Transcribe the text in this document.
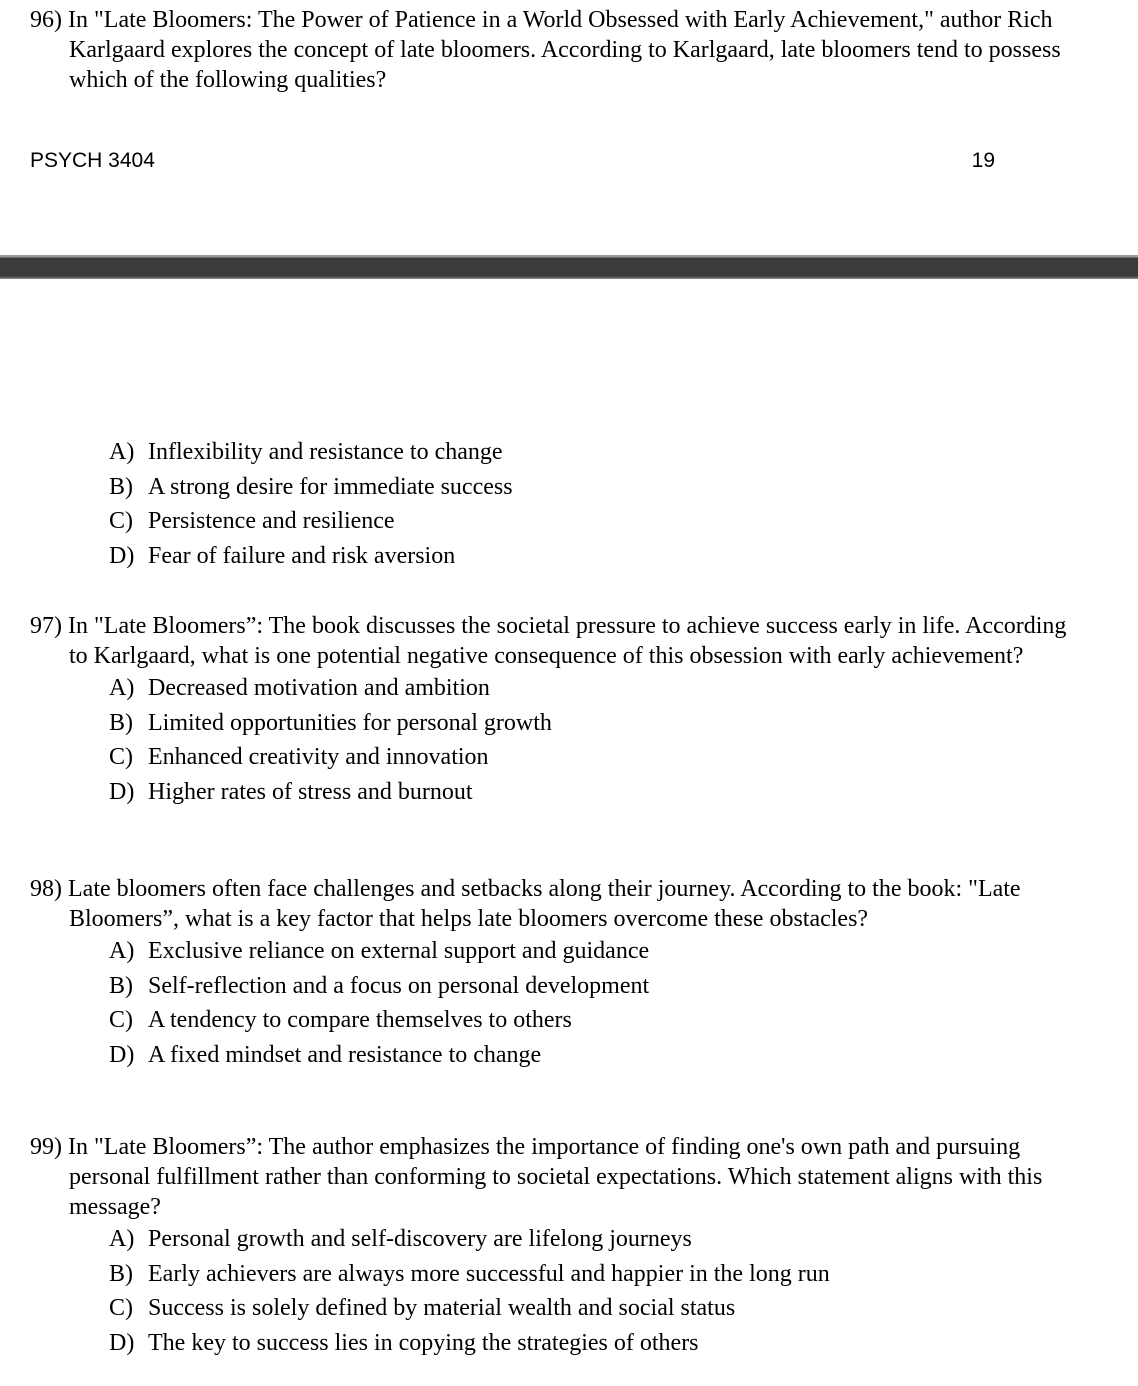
96) In "Late Bloomers: The Power of Patience in a World Obsessed with Early Achievement," author Rich Karlgaard explores the concept of late bloomers. According to Karlgaard, late bloomers tend to possess which of the following qualities?
PSYCH 3404	19
A) Inflexibility and resistance to change
B) A strong desire for immediate success
C) Persistence and resilience
D) Fear of failure and risk aversion
97) In "Late Bloomers”: The book discusses the societal pressure to achieve success early in life. According to Karlgaard, what is one potential negative consequence of this obsession with early achievement?
A) Decreased motivation and ambition
B) Limited opportunities for personal growth
C) Enhanced creativity and innovation
D) Higher rates of stress and burnout
98) Late bloomers often face challenges and setbacks along their journey. According to the book: "Late Bloomers”, what is a key factor that helps late bloomers overcome these obstacles?
A) Exclusive reliance on external support and guidance
B) Self-reflection and a focus on personal development
C) A tendency to compare themselves to others
D) A fixed mindset and resistance to change
99) In "Late Bloomers”: The author emphasizes the importance of finding one's own path and pursuing personal fulfillment rather than conforming to societal expectations. Which statement aligns with this message?
A) Personal growth and self-discovery are lifelong journeys
B) Early achievers are always more successful and happier in the long run
C) Success is solely defined by material wealth and social status
D) The key to success lies in copying the strategies of others
